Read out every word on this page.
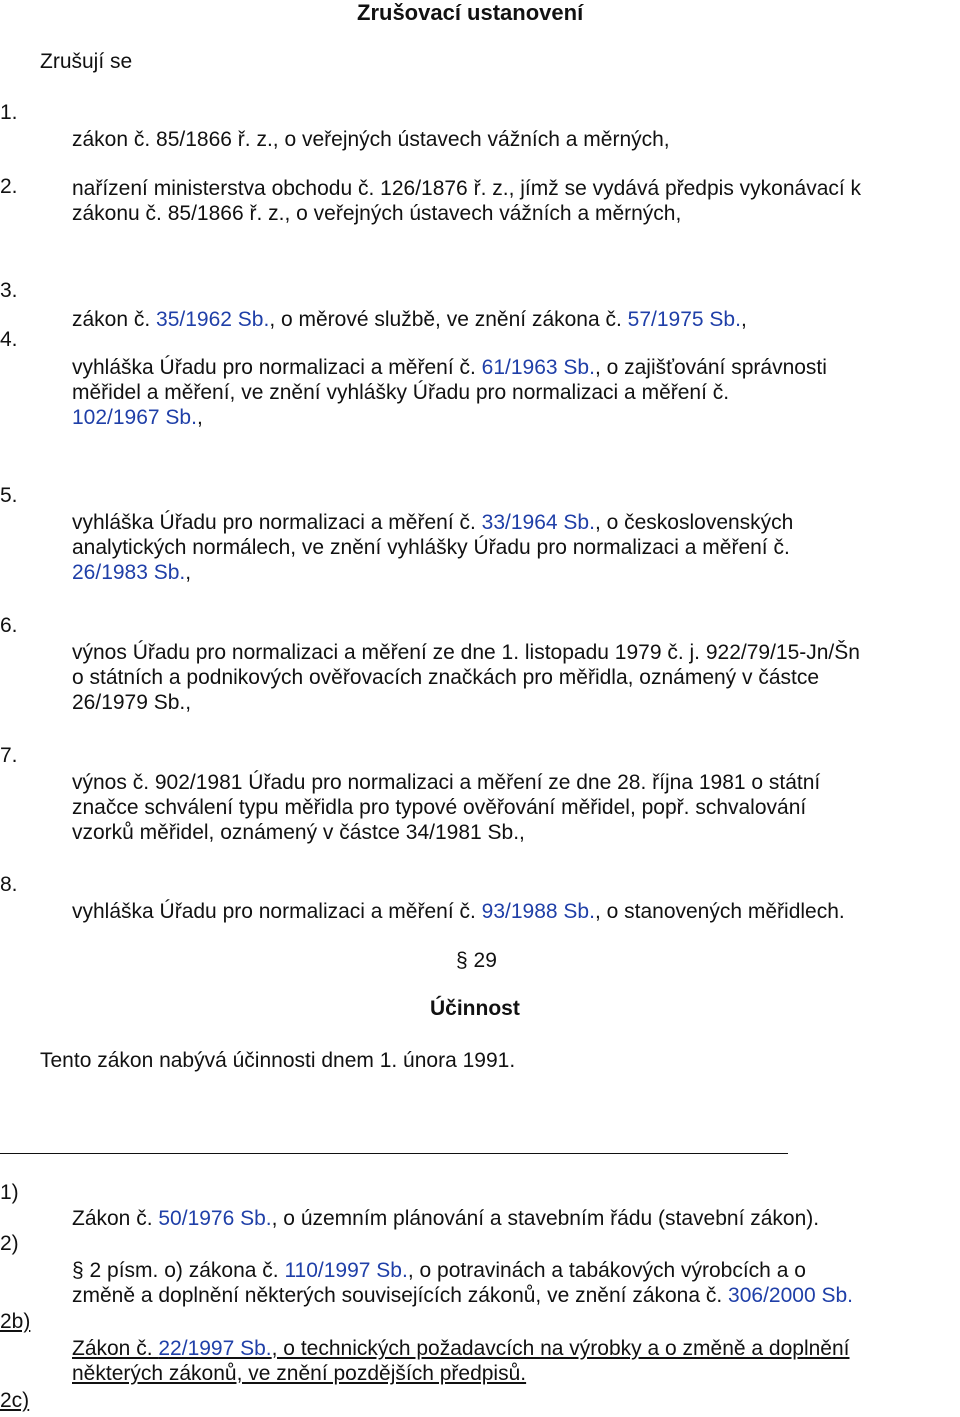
Zrušovací ustanovení
Zrušují se
1.
zákon č. 85/1866 ř. z., o veřejných ústavech vážních a měrných,
2.	nařízení ministerstva obchodu č. 126/1876 ř. z., jímž se vydává předpis vykonávací k
zákonu č. 85/1866 ř. z., o veřejných ústavech vážních a měrných,
3.
zákon č. 35/1962 Sb., o měrové službě, ve znění zákona č. 57/1975 Sb.,
4.
vyhláška Úřadu pro normalizaci a měření č. 61/1963 Sb., o zajišťování správnosti
měřidel a měření, ve znění vyhlášky Úřadu pro normalizaci a měření č.
102/1967 Sb.,
5.
vyhláška Úřadu pro normalizaci a měření č. 33/1964 Sb., o československých
analytických normálech, ve znění vyhlášky Úřadu pro normalizaci a měření č.
26/1983 Sb.,
6.
výnos Úřadu pro normalizaci a měření ze dne 1. listopadu 1979 č. j. 922/79/15-Jn/Šn
o státních a podnikových ověřovacích značkách pro měřidla, oznámený v částce
26/1979 Sb.,
7.
výnos č. 902/1981 Úřadu pro normalizaci a měření ze dne 28. října 1981 o státní
značce schválení typu měřidla pro typové ověřování měřidel, popř. schvalování
vzorků měřidel, oznámený v částce 34/1981 Sb.,
8.
vyhláška Úřadu pro normalizaci a měření č. 93/1988 Sb., o stanovených měřidlech.
§ 29
Účinnost
Tento zákon nabývá účinnosti dnem 1. února 1991.
1)
Zákon č. 50/1976 Sb., o územním plánování a stavebním řádu (stavební zákon).
2)
§ 2 písm. o) zákona č. 110/1997 Sb., o potravinách a tabákových výrobcích a o
změně a doplnění některých souvisejících zákonů, ve znění zákona č. 306/2000 Sb.
2b)
Zákon č. 22/1997 Sb., o technických požadavcích na výrobky a o změně a doplnění
některých zákonů, ve znění pozdějších předpisů.
2c)
